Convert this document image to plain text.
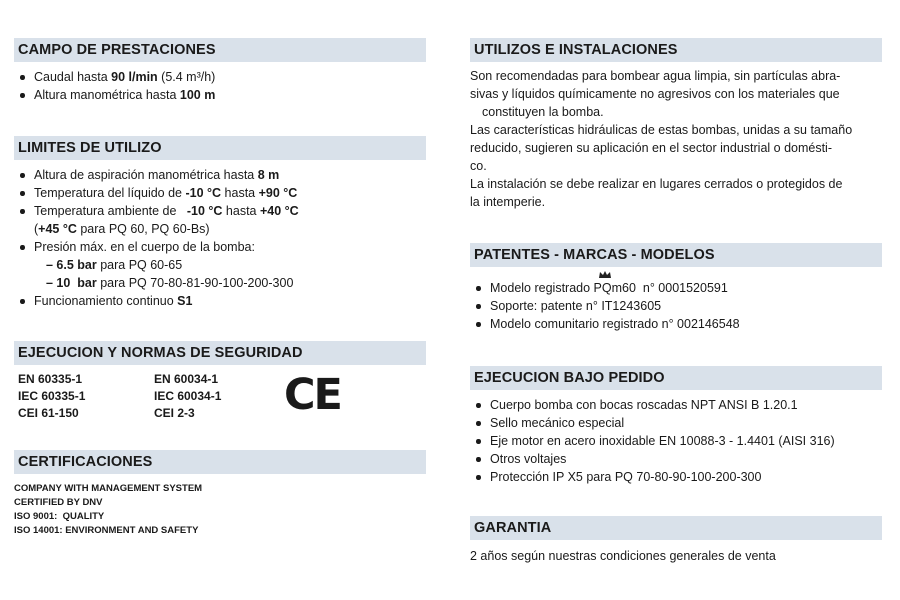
CAMPO DE PRESTACIONES
Caudal hasta 90 l/min (5.4 m³/h)
Altura manométrica hasta 100 m
LIMITES DE UTILIZO
Altura de aspiración manométrica hasta 8 m
Temperatura del líquido de -10 °C hasta +90 °C
Temperatura ambiente de   -10 °C hasta +40 °C
(+45 °C para PQ 60, PQ 60-Bs)
Presión máx. en el cuerpo de la bomba:
– 6.5 bar para PQ 60-65
– 10  bar para PQ 70-80-81-90-100-200-300
Funcionamiento continuo S1
EJECUCION Y NORMAS DE SEGURIDAD
EN 60335-1
IEC 60335-1
CEI 61-150
EN 60034-1
IEC 60034-1
CEI 2-3	CE
CERTIFICACIONES
COMPANY WITH MANAGEMENT SYSTEM
CERTIFIED BY DNV
ISO 9001:  QUALITY
ISO 14001: ENVIRONMENT AND SAFETY
UTILIZOS E INSTALACIONES
Son recomendadas para bombear agua limpia, sin partículas abra-
sivas y líquidos químicamente no agresivos con los materiales que
constituyen la bomba.
Las características hidráulicas de estas bombas, unidas a su tamaño
reducido, sugieren su aplicación en el sector industrial o domésti-
co.
La instalación se debe realizar en lugares cerrados o protegidos de
la intemperie.
PATENTES - MARCAS - MODELOS
Modelo registrado
PQm60  n° 0001520591
Soporte: patente n° IT1243605
Modelo comunitario registrado n° 002146548
EJECUCION BAJO PEDIDO
Cuerpo bomba con bocas roscadas NPT ANSI B 1.20.1
Sello mecánico especial
Eje motor en acero inoxidable EN 10088-3 - 1.4401 (AISI 316)
Otros voltajes
Protección IP X5 para PQ 70-80-90-100-200-300
GARANTIA
2 años según nuestras condiciones generales de venta
